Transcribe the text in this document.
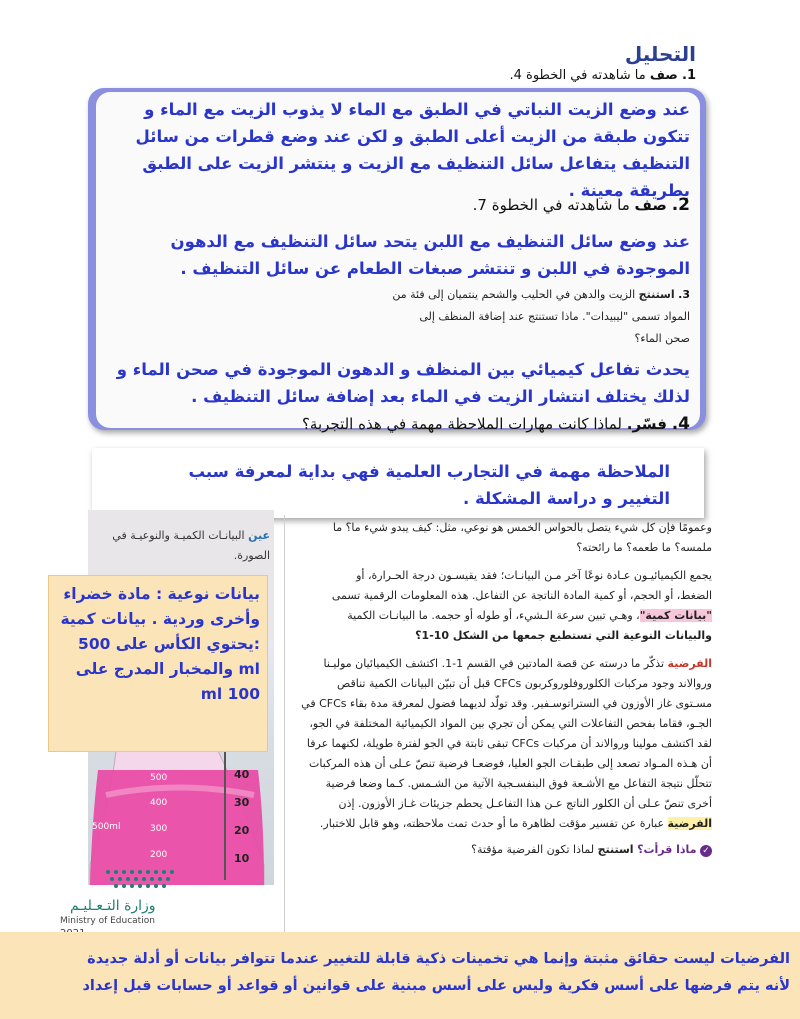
التحليل
1. صف ما شاهدته في الخطوة 4.
عند وضع الزيت النباتي في الطبق مع الماء لا يذوب الزيت مع الماء و تتكون طبقة من الزيت أعلى الطبق و لكن عند وضع قطرات من سائل التنظيف يتفاعل سائل التنظيف مع الزيت و ينتشر الزيت على الطبق بطريقة معينة .
2. صف ما شاهدته في الخطوة 7.
عند وضع سائل التنظيف مع اللبن يتحد سائل التنظيف مع الدهون الموجودة في اللبن و تنتشر صبغات الطعام عن سائل التنظيف .
3. استنتج الزيت والدهن في الحليب والشحم ينتميان إلى فئة من
المواد تسمى "ليبيدات". ماذا تستنتج عند إضافة المنظف إلى
صحن الماء؟
يحدث تفاعل كيميائي بين المنظف و الدهون الموجودة في صحن الماء و لذلك يختلف انتشار الزيت في الماء بعد إضافة سائل التنظيف .
4. فسّر. لماذا كانت مهارات الملاحظة مهمة في هذه التجربة؟
الملاحظة مهمة في التجارب العلمية فهي بداية لمعرفة سبب التغيير و دراسة المشكلة .
عين البيانـات الكميـة والنوعيـة في
الصورة.
500ml
500
400
300
200
40
30
20
10
بيانات نوعية : مادة خضراء وأخرى وردية . بيانات كمية :يحتوي الكأس على 500 ml والمخبار المدرج على 100 ml
وزارة التـعـليـم
Ministry of Education
وعمومًا فإن كل شيء يتصل بالحواس الخمس هو نوعي، مثل: كيف يبدو شيء ما؟ ما
ملمسه؟ ما طعمه؟ ما رائحته؟
يجمع الكيميائيـون عـادة نوعًا آخر مـن البيانـات؛ فقد يقيسـون درجة الحـرارة، أو
الضغط، أو الحجم، أو كمية المادة الناتجة عن التفاعل. هذه المعلومات الرقمية تسمى
"بيانات كمية"، وهـي تبين سرعة الـشيء، أو طوله أو حجمه. ما البيانـات الكمية
والبيانات النوعية التي تستطيع جمعها من الشكل 10-1؟
الفرضية تذكّر ما درسته عن قصة المادتين في القسم 1-1. اكتشف الكيميائيان موليـنا
وروالاند وجود مركبات الكلوروفلوروكربون CFCs قبل أن تبيّن البيانات الكمية تناقص
مسـتوى غاز الأوزون في الستراتوسـفير. وقد تولّد لديهما فضول لمعرفة مدة بقاء CFCs في
الجـو، فقاما بفحص التفاعلات التي يمكن أن تجري بين المواد الكيميائية المختلفة في الجو،
لقد اكتشف مولينا وروالاند أن مركبات CFCs تبقى ثابتة في الجو لفترة طويلة، لكنهما عرفا
أن هـذه المـواد تصعد إلى طبقـات الجو العليا، فوضعـا فرضية تنصّ عـلى أن هذه المركبات
تتحلّل نتيجة التفاعل مع الأشـعة فوق البنفسـجية الآتية من الشـمس. كـما وضعا فرضية
أخرى تنصّ عـلى أن الكلور الناتج عـن هذا التفاعـل يحطم جزيئات غـاز الأوزون. إذن
الفرضية عبارة عن تفسير مؤقت لظاهرة ما أو حدث تمت ملاحظته، وهو قابل للاختبار.
✓ ماذا قرأت؟ استنتج لماذا تكون الفرضية مؤقتة؟
الفرضيات ليست حقائق مثبتة وإنما هي تخمينات ذكية قابلة للتغيير عندما تتوافر بيانات أو أدلة جديدة
لأنه يتم فرضها على أسس فكرية وليس على أسس مبنية على قوانين أو قواعد أو حسابات قبل إعداد
